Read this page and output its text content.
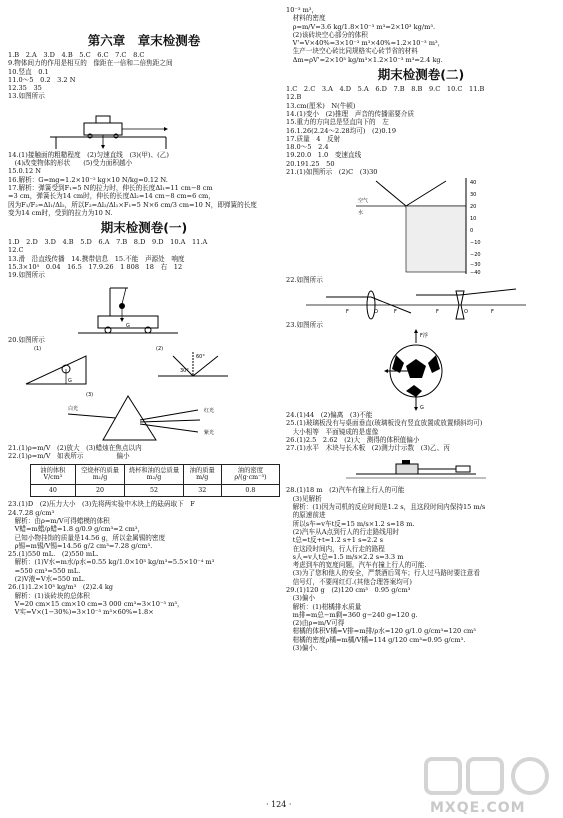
第六章　章末检测卷
1.B　2.A　3.D　4.B　5.C　6.C　7.C　8.C
9.物体间力的作用是相互的　像距在一倍和二倍焦距之间
10.竖直　0.1
11.0～5　0.2　3.2 N
12.35　35
13.如图所示
14.(1)接触面的粗糙程度　(2)匀速直线　(3)(甲)、(乙)
　(4)改变物体的形状　　(5)受力面积越小
15.0.12 N
16.解析：G=mg=1.2×10⁻² kg×10 N/kg=0.12 N.
17.解析：弹簧受到F₁=5 N的拉力时，伸长的长度Δl₁=11 cm−8 cm
=3 cm，弹簧长为14 cm时，伸长的长度Δl₂=14 cm−8 cm=6 cm，
因为F₁/F₂=Δl₁/Δl₂，所以F₂=Δl₂/Δl₁×F₁=5 N×6 cm/3 cm=10 N，即弹簧的长度
变为14 cm时，受到的拉力为10 N.
期末检测卷(一)
1.D　2.D　3.D　4.B　5.D　6.A　7.B　8.D　9.D　10.A　11.A
12.C
13.滑　沿直线传播　14.携带信息　15.不能　声源处　响度
15.3×10⁵　0.04　16.5　17.9.26　1 808　18　右　12
19.如图所示
G
20.如图所示
(1)
G
(2)
60°
30°
(3)
白光	红光
紫光
21.(1)ρ=m/V　(2)放大　(3)蜡烛在焦点以内
22.(1)ρ=m/V　如表所示　　　　　偏小
油的体积 V/cm³	空烧杯的质量 m₁/g	烧杯和油的总质量 m₂/g	油的质量 m/g	油的密度 ρ/(g·cm⁻³)
40	20	52	32	0.8
23.(1)D　(2)压力大小　(3)先将两实验中木块上的砝码取下　F
24.7.28 g/cm³
　解析：由ρ=m/V可得蜡模的体积
　V蜡=m蜡/ρ蜡=1.8 g/0.9 g/cm³=2 cm³，
　已知小物挂饰的质量是14.56 g，所以金属锡的密度
　ρ锡=m锡/V锡=14.56 g/2 cm³=7.28 g/cm³.
25.(1)550 mL.　(2)550 mL.
　解析：(1)V水=m水/ρ水=0.55 kg/1.0×10³ kg/m³=5.5×10⁻⁴ m³
　=550 cm³=550 mL.
　(2)V液=V水=550 mL.
26.(1)1.2×10³ kg/m³　(2)2.4 kg
　解析：(1)该砖块的总体积
　V=20 cm×15 cm×10 cm=3 000 cm³=3×10⁻³ m³，
　V实=V×(1−30%)=3×10⁻³ m³×60%=1.8×
10⁻³ m³，
　材料的密度
　ρ=m/V=3.6 kg/1.8×10⁻³ m³=2×10³ kg/m³.
　(2)该砖块空心部分的体积
　V'=V×40%=3×10⁻³ m³×40%=1.2×10⁻³ m³，
　生产一块空心砖比同规格实心砖节省的材料
　Δm=ρV'=2×10³ kg/m³×1.2×10⁻³ m³=2.4 kg.
期末检测卷(二)
1.C　2.C　3.A　4.D　5.A　6.D　7.B　8.B　9.C　10.C　11.B
12.B
13.cm(厘米)　N(牛顿)
14.(1)变小　(2)推理　声音的传播需要介质
15.重力的方向总是竖直向下的　左
16.1.26(2.24～2.28均可)　(2)0.19
17.质量　4　反射
18.0～5　2.4
19.20.0　1.0　变速直线
20.191.25　50
21.(1)如图所示　(2)C　(3)30
空气
水
40
30
20
10
0
−10
−20
−30
−40
22.如图所示
F	F	F	F
O	O
23.如图所示
F浮
G
24.(1)44　(2)偏离　(3)不能
25.(1)玻璃板没有与桌面垂直(玻璃板没有竖直放置或放置倾斜均可)
　大小相等　平面镜成的是虚像
26.(1)2.5　2.62　(2)大　测得的体积值偏小
27.(1)水平　木块与长木板　(2)测力计示数　(3)乙、丙
28.(1)18 m　(2)汽车有撞上行人的可能
　(3)见解析
　解析：(1)因为司机的反应时间是1.2 s，且这段时间内保持15 m/s
　的原速前进
　所以s车=v车t反=15 m/s×1.2 s=18 m.
　(2)汽车从A点到行人的行走路线用时
　t总=t反+t=1.2 s+1 s=2.2 s
　在这段时间内，行人行走的路程
　s人=v人t总=1.5 m/s×2.2 s=3.3 m
　考虑到车的宽度问题，汽车有撞上行人的可能.
　(3)为了您和他人的安全，严禁酒后驾车；行人过马路时要注意看
　信号灯，不要闯红灯.(其他合理答案均可)
29.(1)120 g　(2)120 cm³　0.95 g/cm³
　(3)偏小
　解析：(1)柑橘排水质量
　m排=m总−m剩=360 g−240 g=120 g.
　(2)由ρ=m/V可得
　柑橘的体积V橘=V排=m排/ρ水=120 g/1.0 g/cm³=120 cm³
　柑橘的密度ρ橘=m橘/V橘=114 g/120 cm³=0.95 g/cm³.
　(3)偏小.
· 124 ·	MXQE.COM
